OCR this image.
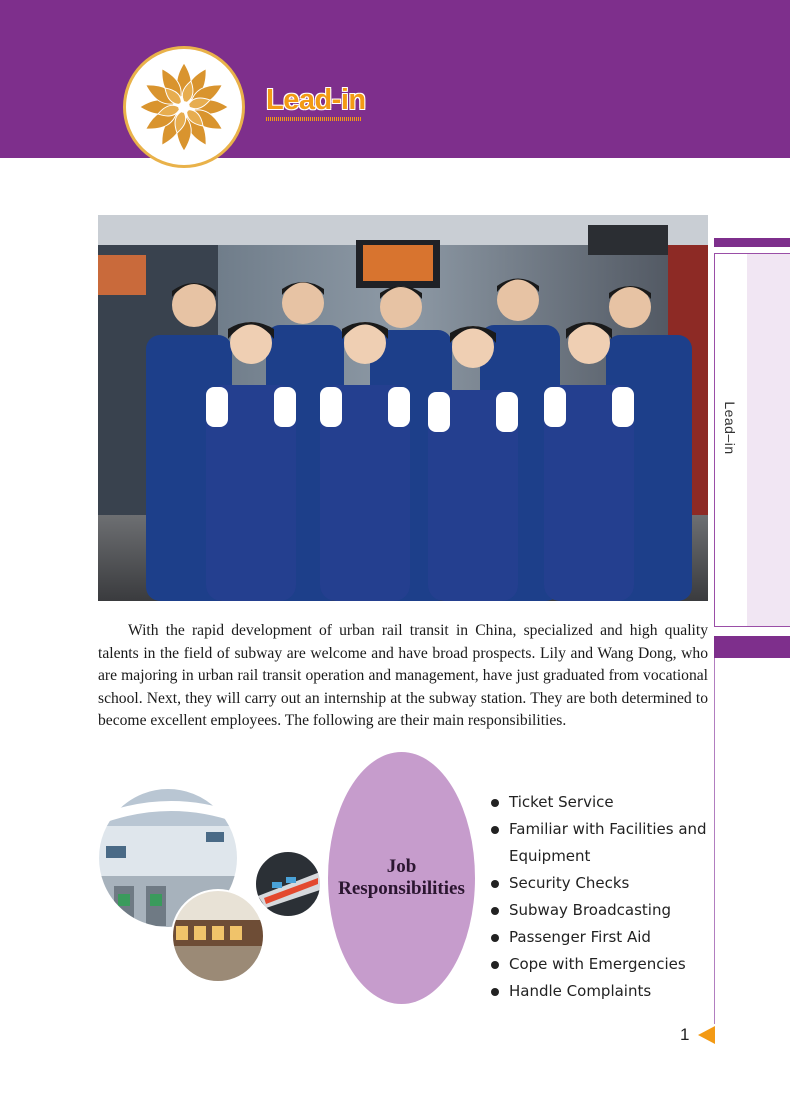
Lead-in
Lead–in

With the rapid development of urban rail transit in China, specialized and high quality talents in the field of subway are welcome and have broad prospects. Lily and Wang Dong, who are majoring in urban rail transit operation and management, have just graduated from vocational school. Next, they will carry out an internship at the subway station. They are both determined to become excellent employees. The following are their main responsibilities.

Job
Responsibilities
Ticket Service
Familiar with Facilities and Equipment
Security Checks
Subway Broadcasting
Passenger First Aid
Cope with Emergencies
Handle Complaints
1
